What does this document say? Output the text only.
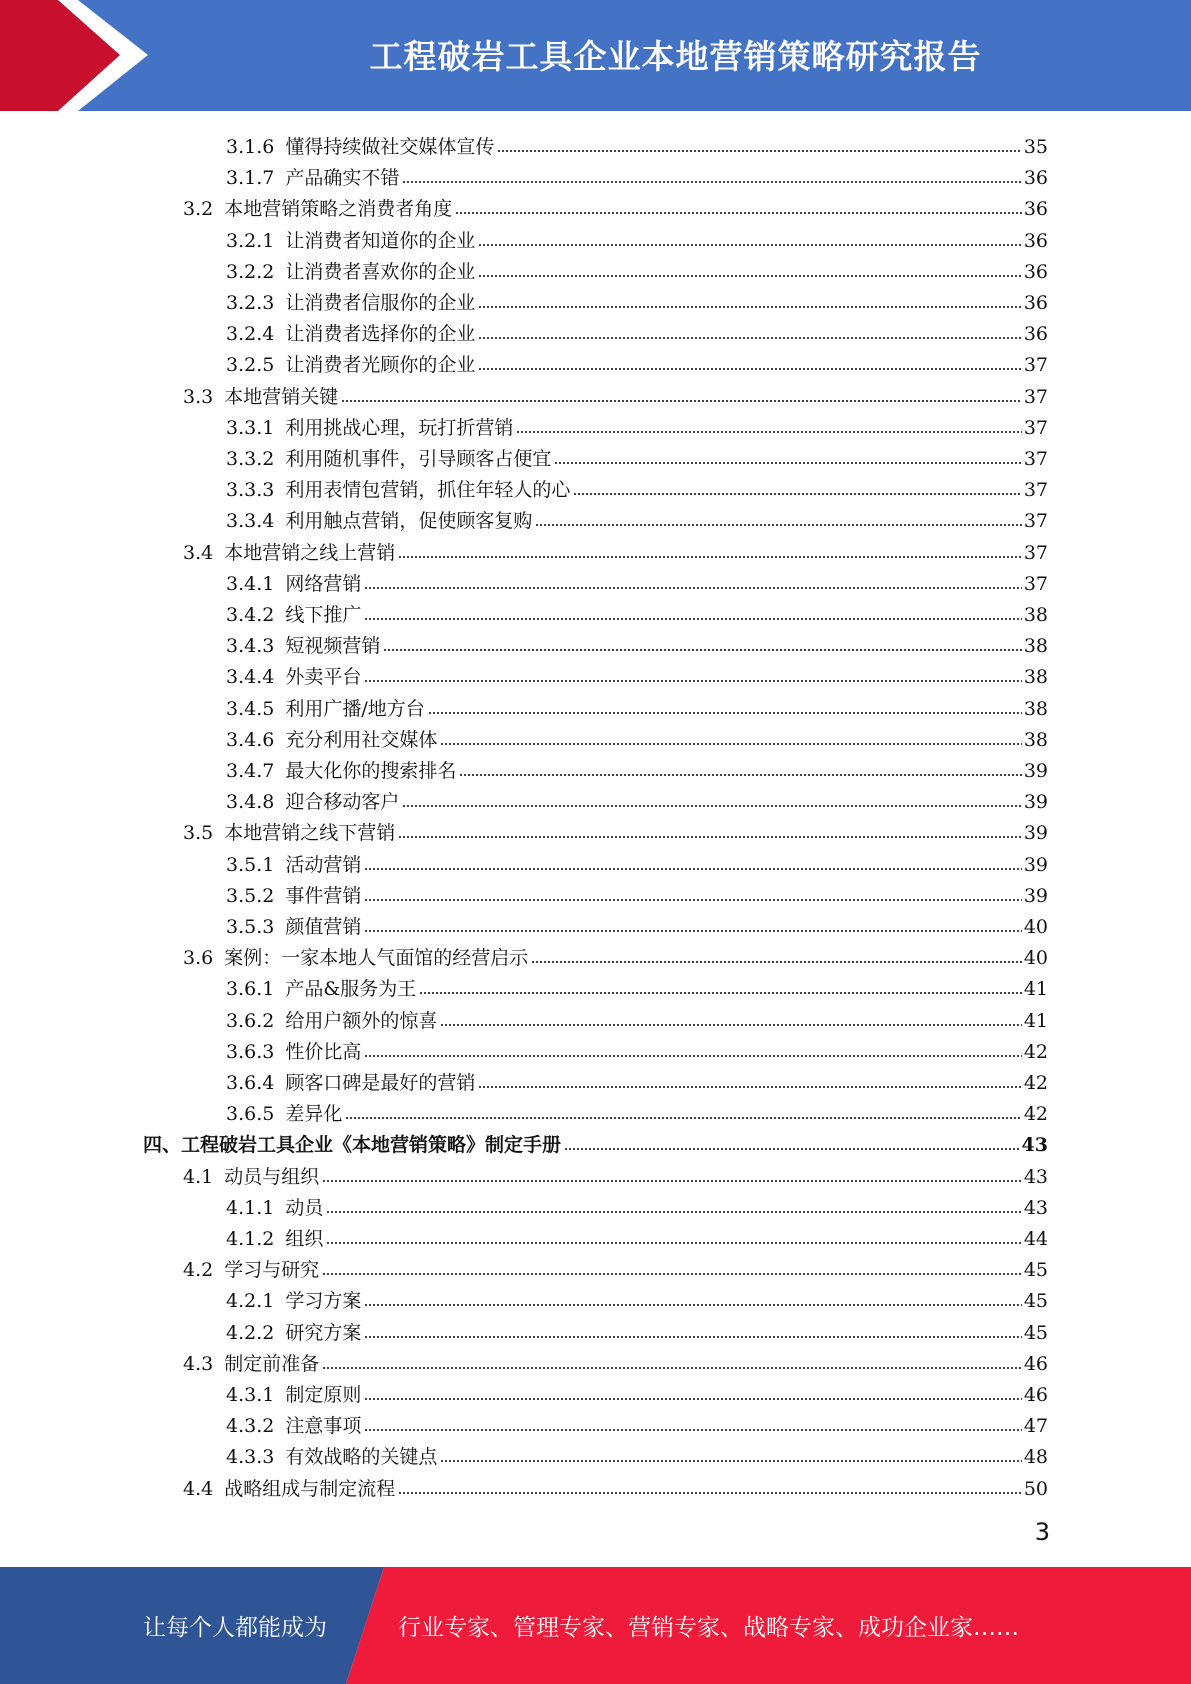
工程破岩工具企业本地营销策略研究报告
3.1.6 懂得持续做社交媒体宣传	35
3.1.7 产品确实不错	36
3.2 本地营销策略之消费者角度	36
3.2.1 让消费者知道你的企业	36
3.2.2 让消费者喜欢你的企业	36
3.2.3 让消费者信服你的企业	36
3.2.4 让消费者选择你的企业	36
3.2.5 让消费者光顾你的企业	37
3.3 本地营销关键	37
3.3.1 利用挑战心理，玩打折营销	37
3.3.2 利用随机事件，引导顾客占便宜	37
3.3.3 利用表情包营销，抓住年轻人的心	37
3.3.4 利用触点营销，促使顾客复购	37
3.4 本地营销之线上营销	37
3.4.1 网络营销	37
3.4.2 线下推广	38
3.4.3 短视频营销	38
3.4.4 外卖平台	38
3.4.5 利用广播/地方台	38
3.4.6 充分利用社交媒体	38
3.4.7 最大化你的搜索排名	39
3.4.8 迎合移动客户	39
3.5 本地营销之线下营销	39
3.5.1 活动营销	39
3.5.2 事件营销	39
3.5.3 颜值营销	40
3.6 案例：一家本地人气面馆的经营启示	40
3.6.1 产品&服务为王	41
3.6.2 给用户额外的惊喜	41
3.6.3 性价比高	42
3.6.4 顾客口碑是最好的营销	42
3.6.5 差异化	42
四、工程破岩工具企业《本地营销策略》制定手册	43
4.1 动员与组织	43
4.1.1 动员	43
4.1.2 组织	44
4.2 学习与研究	45
4.2.1 学习方案	45
4.2.2 研究方案	45
4.3 制定前准备	46
4.3.1 制定原则	46
4.3.2 注意事项	47
4.3.3 有效战略的关键点	48
4.4 战略组成与制定流程	50
3
让每个人都能成为	行业专家、管理专家、营销专家、战略专家、成功企业家……
